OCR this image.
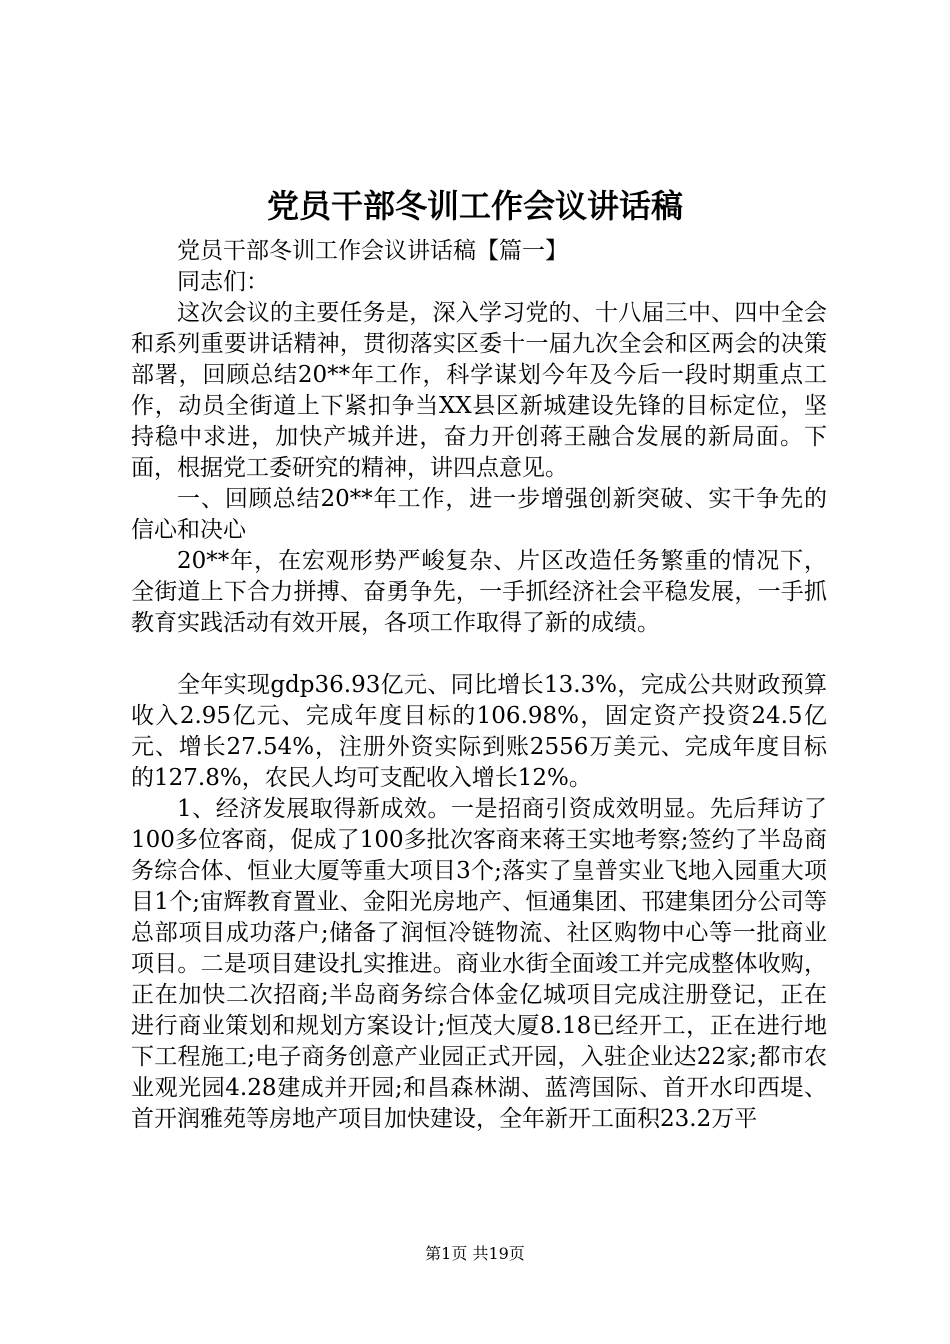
党员干部冬训工作会议讲话稿

党员干部冬训工作会议讲话稿【篇一】

同志们：

这次会议的主要任务是，深入学习党的、十八届三中、四中全会和系列重要讲话精神，贯彻落实区委十一届九次全会和区两会的决策部署，回顾总结20**年工作，科学谋划今年及今后一段时期重点工作，动员全街道上下紧扣争当XX县区新城建设先锋的目标定位，坚持稳中求进，加快产城并进，奋力开创蒋王融合发展的新局面。下面，根据党工委研究的精神，讲四点意见。

一、回顾总结20**年工作，进一步增强创新突破、实干争先的信心和决心

20**年，在宏观形势严峻复杂、片区改造任务繁重的情况下，全街道上下合力拼搏、奋勇争先，一手抓经济社会平稳发展，一手抓教育实践活动有效开展，各项工作取得了新的成绩。

全年实现gdp36.93亿元、同比增长13.3%，完成公共财政预算收入2.95亿元、完成年度目标的106.98%，固定资产投资24.5亿元、增长27.54%，注册外资实际到账2556万美元、完成年度目标的127.8%，农民人均可支配收入增长12%。

1、经济发展取得新成效。一是招商引资成效明显。先后拜访了100多位客商，促成了100多批次客商来蒋王实地考察;签约了半岛商务综合体、恒业大厦等重大项目3个;落实了皇普实业飞地入园重大项目1个;宙辉教育置业、金阳光房地产、恒通集团、邗建集团分公司等总部项目成功落户;储备了润恒冷链物流、社区购物中心等一批商业项目。二是项目建设扎实推进。商业水街全面竣工并完成整体收购，正在加快二次招商;半岛商务综合体金亿城项目完成注册登记，正在进行商业策划和规划方案设计;恒茂大厦8.18已经开工，正在进行地下工程施工;电子商务创意产业园正式开园，入驻企业达22家;都市农业观光园4.28建成并开园;和昌森林湖、蓝湾国际、首开水印西堤、首开润雅苑等房地产项目加快建设，全年新开工面积23.2万平

第1页 共19页
